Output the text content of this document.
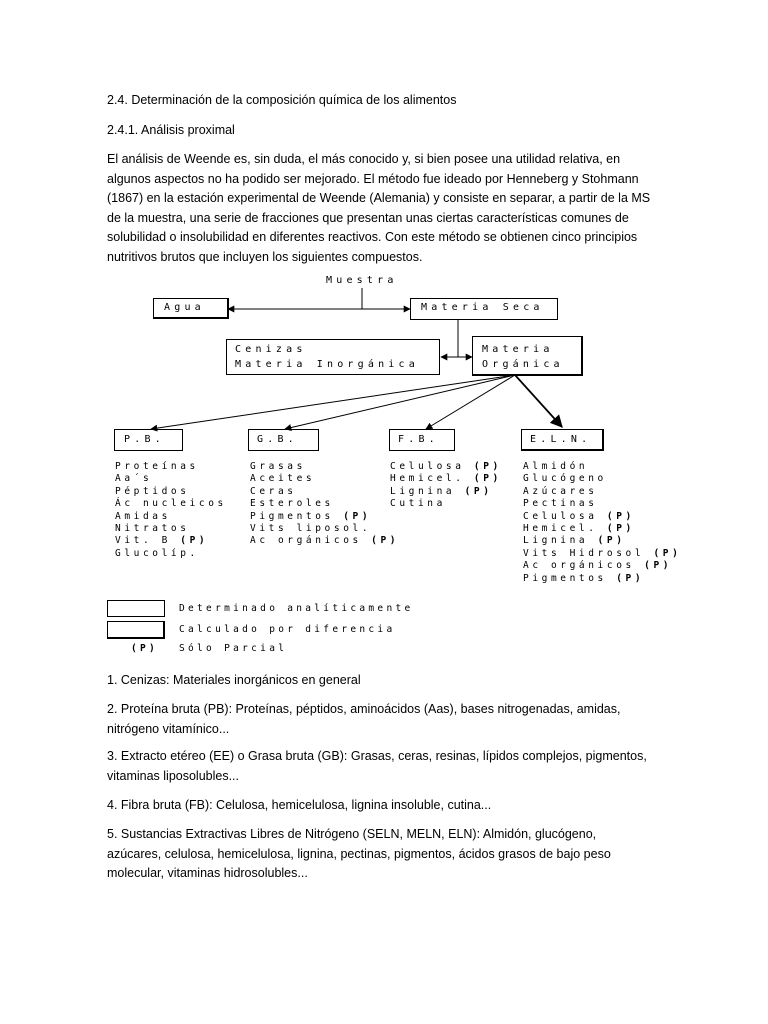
2.4. Determinación de la composición química de los alimentos
2.4.1. Análisis proximal
El análisis de Weende es, sin duda, el más conocido y, si bien posee una utilidad relativa, en
algunos aspectos no ha podido ser mejorado. El método fue ideado por Henneberg y Stohmann
(1867) en la estación experimental de Weende (Alemania) y consiste en separar, a partir de la MS
de la muestra, una serie de fracciones que presentan unas ciertas características comunes de
solubilidad o insolubilidad en diferentes reactivos. Con este método se obtienen cinco principios
nutritivos brutos que incluyen los siguientes compuestos.
Muestra
Agua	Materia Seca
Cenizas
Materia Inorgánica
Materia
Orgánica
P.B.	G.B.	F.B.	E.L.N.
Proteínas
Aa´s
Péptidos
Ác nucleicos
Amidas
Nitratos
Vit. B (P)
Glucolíp.
Grasas
Aceites
Ceras
Esteroles
Pigmentos (P)
Vits liposol.
Ac orgánicos (P)
Celulosa (P)
Hemicel. (P)
Lignina (P)
Cutina
Almidón
Glucógeno
Azúcares
Pectinas
Celulosa (P)
Hemicel. (P)
Lignina (P)
Vits Hidrosol (P)
Ac orgánicos (P)
Pigmentos (P)
Determinado analíticamente
Calculado por diferencia
(P) Sólo Parcial
1. Cenizas: Materiales inorgánicos en general
2. Proteína bruta (PB): Proteínas, péptidos, aminoácidos (Aas), bases nitrogenadas, amidas,
nitrógeno vitamínico...
3. Extracto etéreo (EE) o Grasa bruta (GB): Grasas, ceras, resinas, lípidos complejos, pigmentos,
vitaminas liposolubles...
4. Fibra bruta (FB): Celulosa, hemicelulosa, lignina insoluble, cutina...
5. Sustancias Extractivas Libres de Nitrógeno (SELN, MELN, ELN): Almidón, glucógeno,
azúcares, celulosa, hemicelulosa, lignina, pectinas, pigmentos, ácidos grasos de bajo peso
molecular, vitaminas hidrosolubles...
